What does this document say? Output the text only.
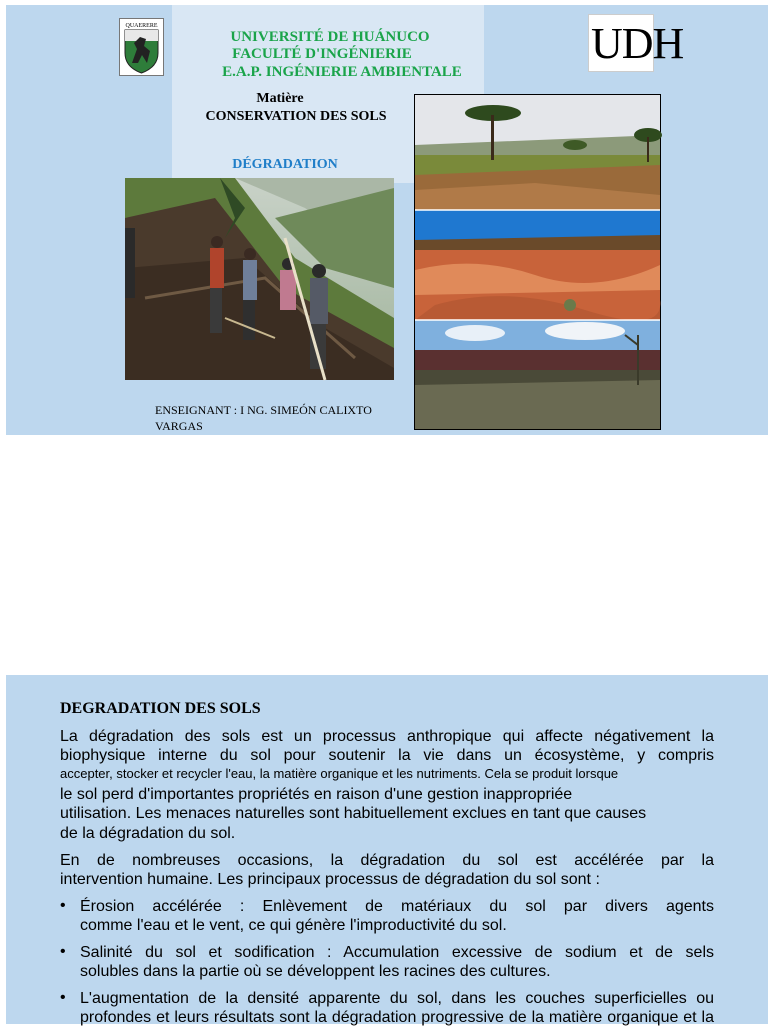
QUAERERE	UDH
UNIVERSITÉ DE HUÁNUCO
FACULTÉ D'INGÉNIERIE
E.A.P. INGÉNIERIE AMBIENTALE
Matière
CONSERVATION DES SOLS
DÉGRADATION
ENSEIGNANT : I NG. SIMEÓN CALIXTO
VARGAS
DEGRADATION DES SOLS
La dégradation des sols est un processus anthropique qui affecte négativement la
biophysique interne du sol pour soutenir la vie dans un écosystème, y compris
accepter, stocker et recycler l'eau, la matière organique et les nutriments. Cela se produit lorsque
le sol perd d'importantes propriétés en raison d'une gestion inappropriée
utilisation. Les menaces naturelles sont habituellement exclues en tant que causes
de la dégradation du sol.
En de nombreuses occasions, la dégradation du sol est accélérée par la
intervention humaine. Les principaux processus de dégradation du sol sont :
• Érosion accélérée : Enlèvement de matériaux du sol par divers agents
comme l'eau et le vent, ce qui génère l'improductivité du sol.
• Salinité du sol et sodification : Accumulation excessive de sodium et de sels
solubles dans la partie où se développent les racines des cultures.
• L'augmentation de la densité apparente du sol, dans les couches superficielles ou
profondes et leurs résultats sont la dégradation progressive de la matière organique et la
